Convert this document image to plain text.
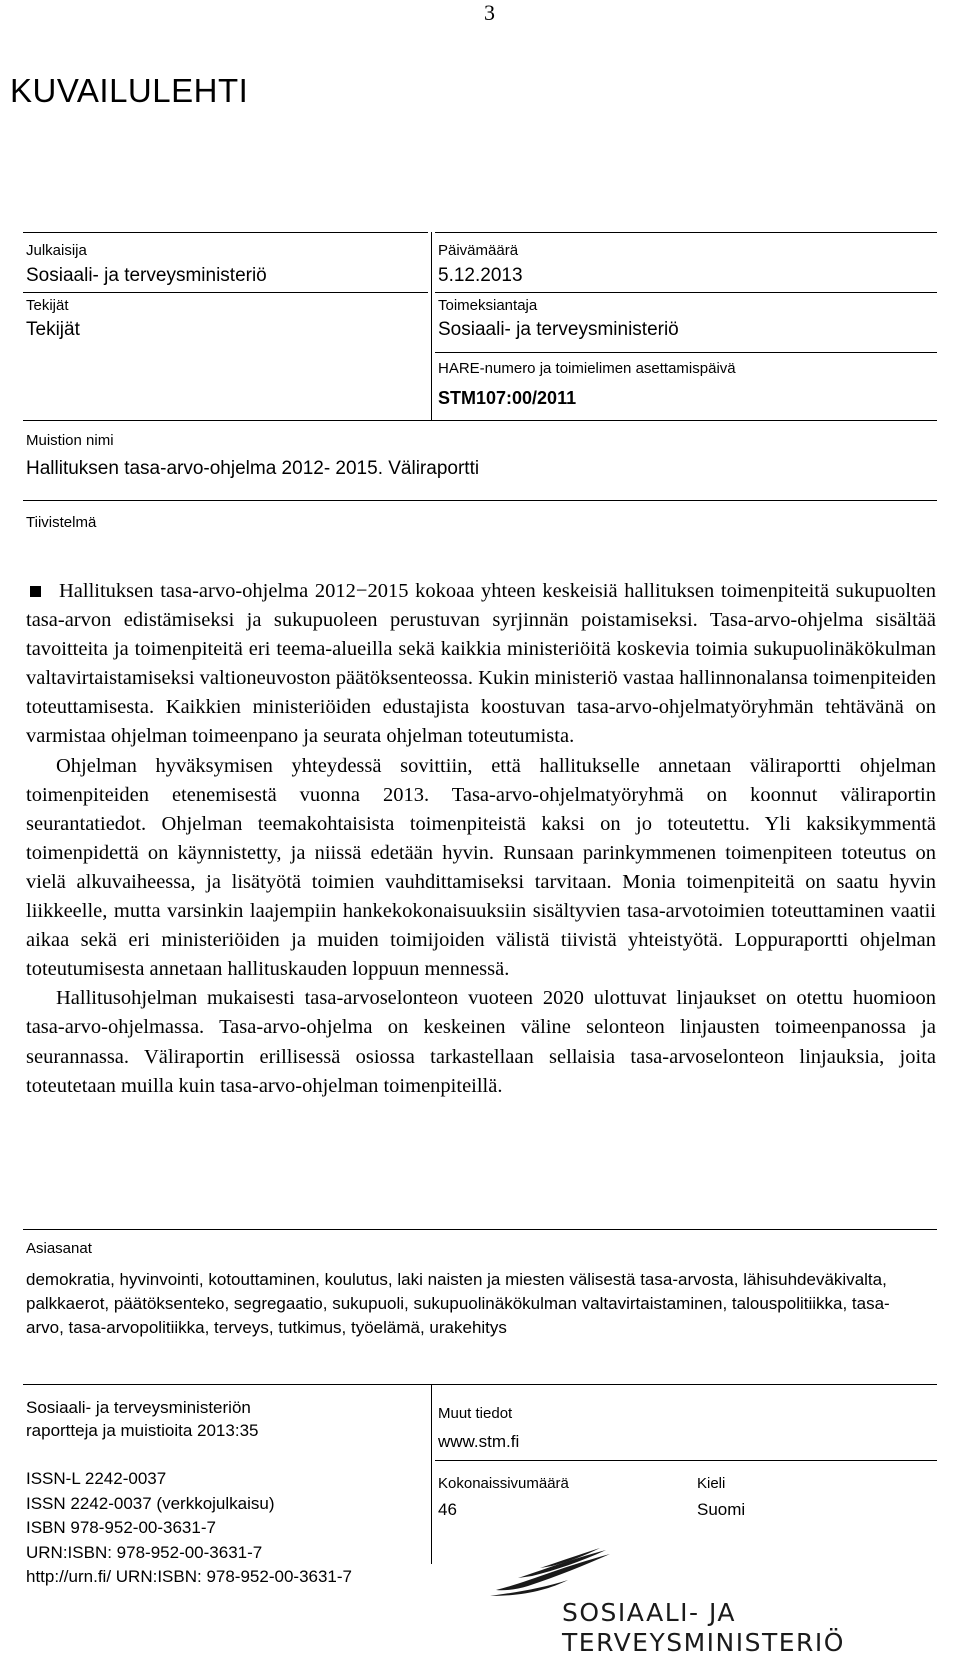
3
KUVAILULEHTI
Julkaisija
Sosiaali- ja terveysministeriö
Päivämäärä
5.12.2013
Tekijät
Tekijät
Toimeksiantaja
Sosiaali- ja terveysministeriö
HARE-numero ja toimielimen asettamispäivä
STM107:00/2011
Muistion nimi
Hallituksen tasa-arvo-ohjelma 2012- 2015. Väliraportti
Tiivistelmä

Hallituksen tasa-arvo-ohjelma 2012−2015 kokoaa yhteen keskeisiä hallituksen toimenpiteitä sukupuolten tasa-arvon edistämiseksi ja sukupuoleen perustuvan syrjinnän poistamiseksi. Tasa-arvo-ohjelma sisältää tavoitteita ja toimenpiteitä eri teema-alueilla sekä kaikkia ministeriöitä koskevia toimia sukupuolinäkökulman valtavirtaistamiseksi valtioneuvoston päätöksenteossa. Kukin ministeriö vastaa hallinnonalansa toimenpiteiden toteuttamisesta. Kaikkien ministeriöiden edustajista koostuvan tasa-arvo-ohjelmatyöryhmän tehtävänä on varmistaa ohjelman toimeenpano ja seurata ohjelman toteutumista.

Ohjelman hyväksymisen yhteydessä sovittiin, että hallitukselle annetaan väliraportti ohjelman toimenpiteiden etenemisestä vuonna 2013. Tasa-arvo-ohjelmatyöryhmä on koonnut väliraportin seurantatiedot. Ohjelman teemakohtaisista toimenpiteistä kaksi on jo toteutettu. Yli kaksikymmentä toimenpidettä on käynnistetty, ja niissä edetään hyvin. Runsaan parinkymmenen toimenpiteen toteutus on vielä alkuvaiheessa, ja lisätyötä toimien vauhdittamiseksi tarvitaan. Monia toimenpiteitä on saatu hyvin liikkeelle, mutta varsinkin laajempiin hankekokonaisuuksiin sisältyvien tasa-arvotoimien toteuttaminen vaatii aikaa sekä eri ministeriöiden ja muiden toimijoiden välistä tiivistä yhteistyötä. Loppuraportti ohjelman toteutumisesta annetaan hallituskauden loppuun mennessä.

Hallitusohjelman mukaisesti tasa-arvoselonteon vuoteen 2020 ulottuvat linjaukset on otettu huomioon tasa-arvo-ohjelmassa. Tasa-arvo-ohjelma on keskeinen väline selonteon linjausten toimeenpanossa ja seurannassa. Väliraportin erillisessä osiossa tarkastellaan sellaisia tasa-arvoselonteon linjauksia, joita toteutetaan muilla kuin tasa-arvo-ohjelman toimenpiteillä.

Asiasanat
demokratia, hyvinvointi, kotouttaminen, koulutus, laki naisten ja miesten välisestä tasa-arvosta, lähisuhdeväkivalta, palkkaerot, päätöksenteko, segregaatio, sukupuoli, sukupuolinäkökulman valtavirtaistaminen, talouspolitiikka, tasa-arvo, tasa-arvopolitiikka, terveys, tutkimus, työelämä, urakehitys
Sosiaali- ja terveysministeriön
raportteja ja muistioita 2013:35
ISSN-L 2242-0037
ISSN 2242-0037 (verkkojulkaisu)
ISBN 978-952-00-3631-7
URN:ISBN: 978-952-00-3631-7
http://urn.fi/ URN:ISBN: 978-952-00-3631-7
Muut tiedot
www.stm.fi
Kokonaissivumäärä
46
Kieli
Suomi
SOSIAALI- JA
TERVEYSMINISTERIÖ
